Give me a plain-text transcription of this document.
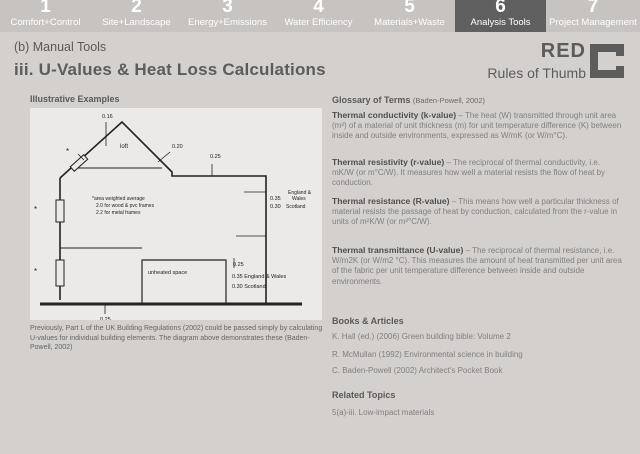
1
Comfort+Control
2
Site+Landscape
3
Energy+Emissions
4
Water Efficiency
5
Materials+Waste
6
Analysis Tools
7
Project Management
(b) Manual Tools
iii. U-Values & Heat Loss Calculations
RED
Rules of Thumb
Illustrative Examples
0.16
loft	0.20
0.25
*
*area weighted average
2.0 for wood & pvc frames
2.2 for metal frames
0.35
England &
Wales
0.30 Scotland
*
*	unheated space
0.25
0.35 England & Wales
0.30 Scotland
0.25
Previously, Part L of the UK Building Regulations (2002) could be passed simply by calculating U-values for individual building elements. The diagram above demonstrates these (Baden-Powell, 2002)
Glossary of Terms (Baden-Powell, 2002)
Thermal conductivity (k-value) – The heat (W) transmitted through unit area (m²) of a material of unit thickness (m) for unit temperature difference (K) between inside and outside environments, expressed as W/mK (or W/m°C).
Thermal resistivity (r-value) – The reciprocal of thermal conductivity, i.e. mK/W (or m°C/W). It measures how well a material resists the flow of heat by conduction.
Thermal resistance (R-value) – This means how well a particular thickness of material resists the passage of heat by conduction, calculated from the r-value in units of m²K/W (or m²°C/W).
Thermal transmittance (U-value) – The reciprocal of thermal resistance, i.e. W/m2K (or W/m2 °C). This measures the amount of heat transmitted per unit area of the fabric per unit temperature difference between inside and outside environments.
Books & Articles
K. Hall (ed.) (2006) Green building bible: Volume 2
R. McMullan (1992) Environmental science in building
C. Baden-Powell (2002) Architect's Pocket Book
Related Topics
5(a)-iii. Low-impact materials
